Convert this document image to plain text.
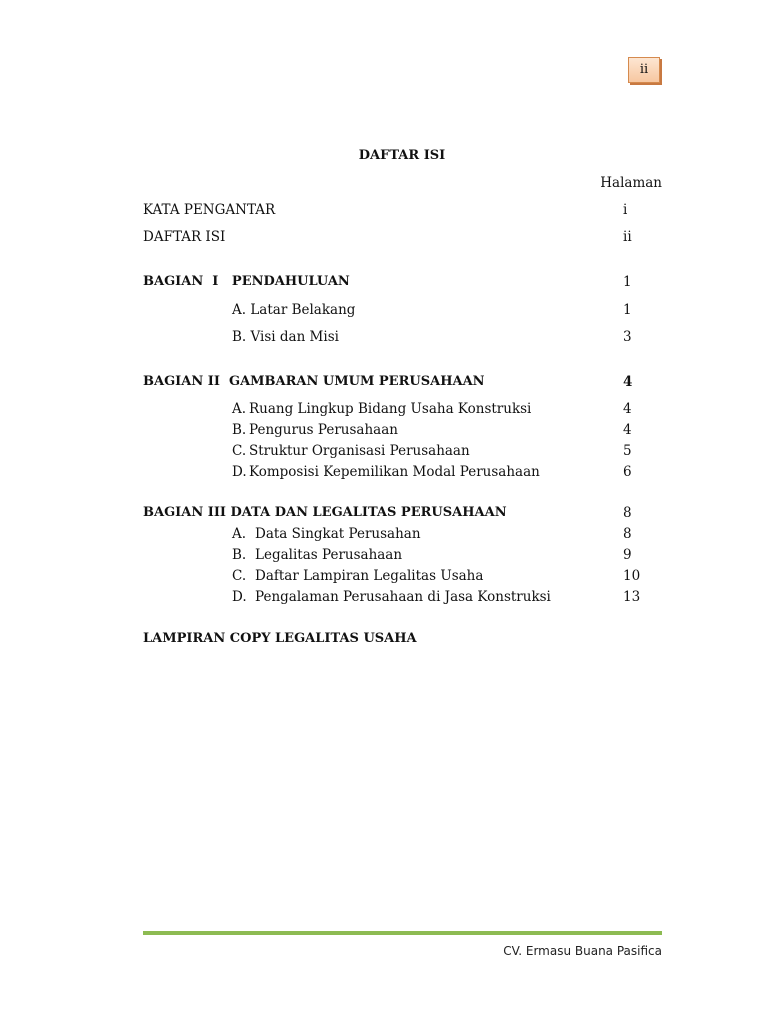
ii
DAFTAR ISI
Halaman
KATA PENGANTAR	i
DAFTAR ISI	ii
BAGIAN  I   PENDAHULUAN	1
A. Latar Belakang	1
B. Visi dan Misi	3
BAGIAN II  GAMBARAN UMUM PERUSAHAAN	4
A. Ruang Lingkup Bidang Usaha Konstruksi	4
B. Pengurus Perusahaan	4
C. Struktur Organisasi Perusahaan	5
D. Komposisi Kepemilikan Modal Perusahaan	6
BAGIAN III DATA DAN LEGALITAS PERUSAHAAN	8
A. Data Singkat Perusahan	8
B. Legalitas Perusahaan	9
C. Daftar Lampiran Legalitas Usaha	10
D. Pengalaman Perusahaan di Jasa Konstruksi	13
LAMPIRAN COPY LEGALITAS USAHA
CV. Ermasu Buana Pasifica
